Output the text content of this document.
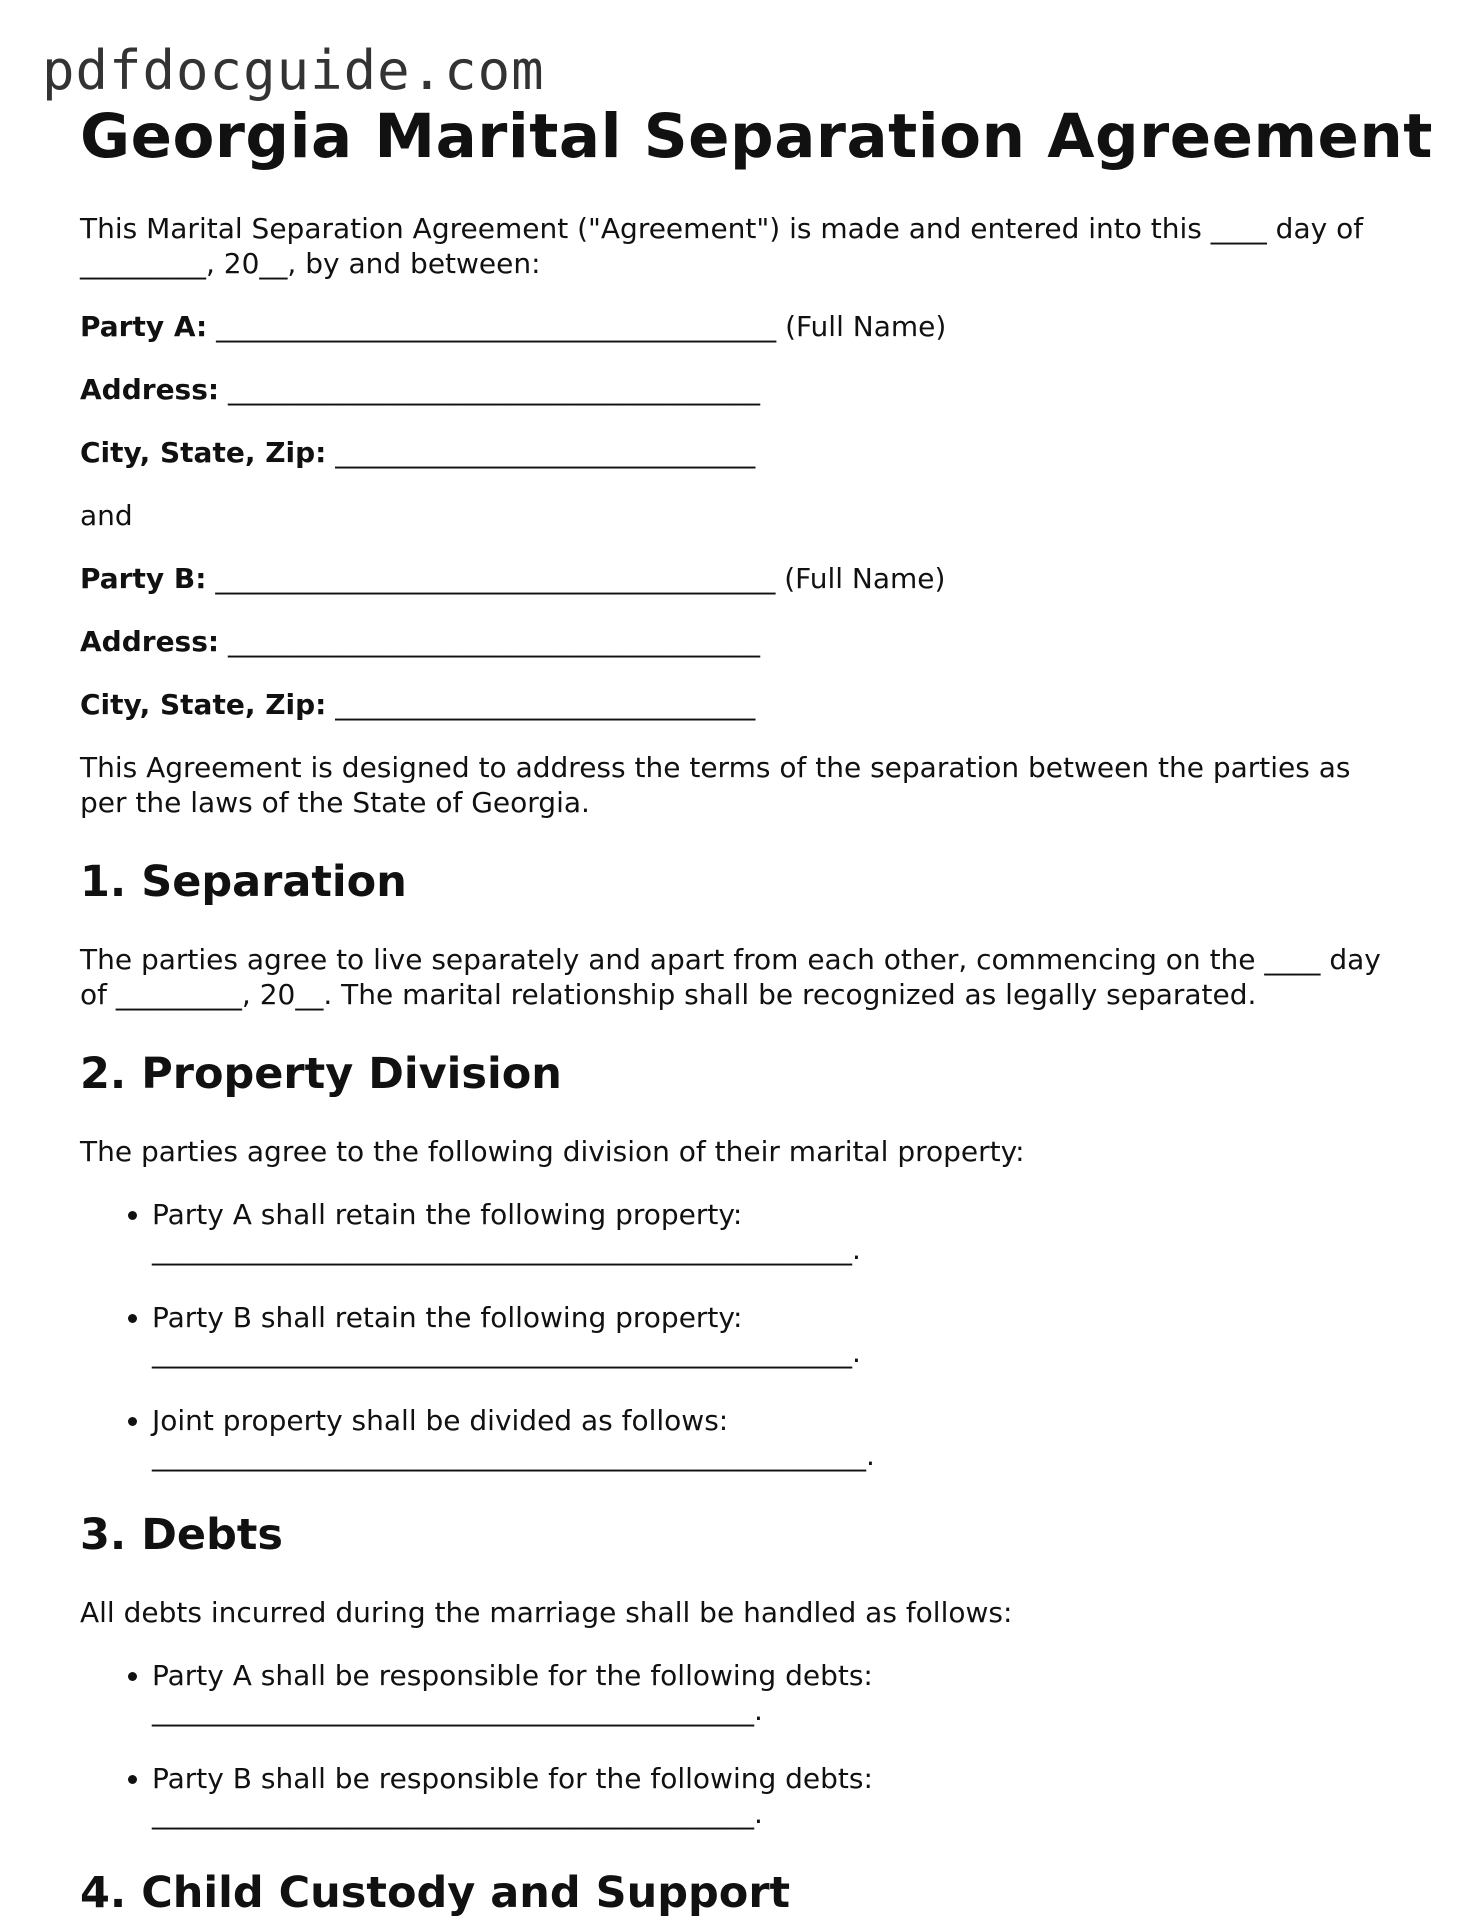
pdfdocguide.com
Georgia Marital Separation Agreement

This Marital Separation Agreement ("Agreement") is made and entered into this ____ day of _________, 20__, by and between:

Party A: ________________________________________ (Full Name)

Address: ______________________________________

City, State, Zip: ______________________________

and

Party B: ________________________________________ (Full Name)

Address: ______________________________________

City, State, Zip: ______________________________

This Agreement is designed to address the terms of the separation between the parties as per the laws of the State of Georgia.

1. Separation

The parties agree to live separately and apart from each other, commencing on the ____ day of _________, 20__. The marital relationship shall be recognized as legally separated.

2. Property Division

The parties agree to the following division of their marital property:

• Party A shall retain the following property:
__________________________________________________.
• Party B shall retain the following property:
__________________________________________________.
• Joint property shall be divided as follows:
___________________________________________________.
3. Debts

All debts incurred during the marriage shall be handled as follows:

• Party A shall be responsible for the following debts:
___________________________________________.
• Party B shall be responsible for the following debts:
___________________________________________.
4. Child Custody and Support
